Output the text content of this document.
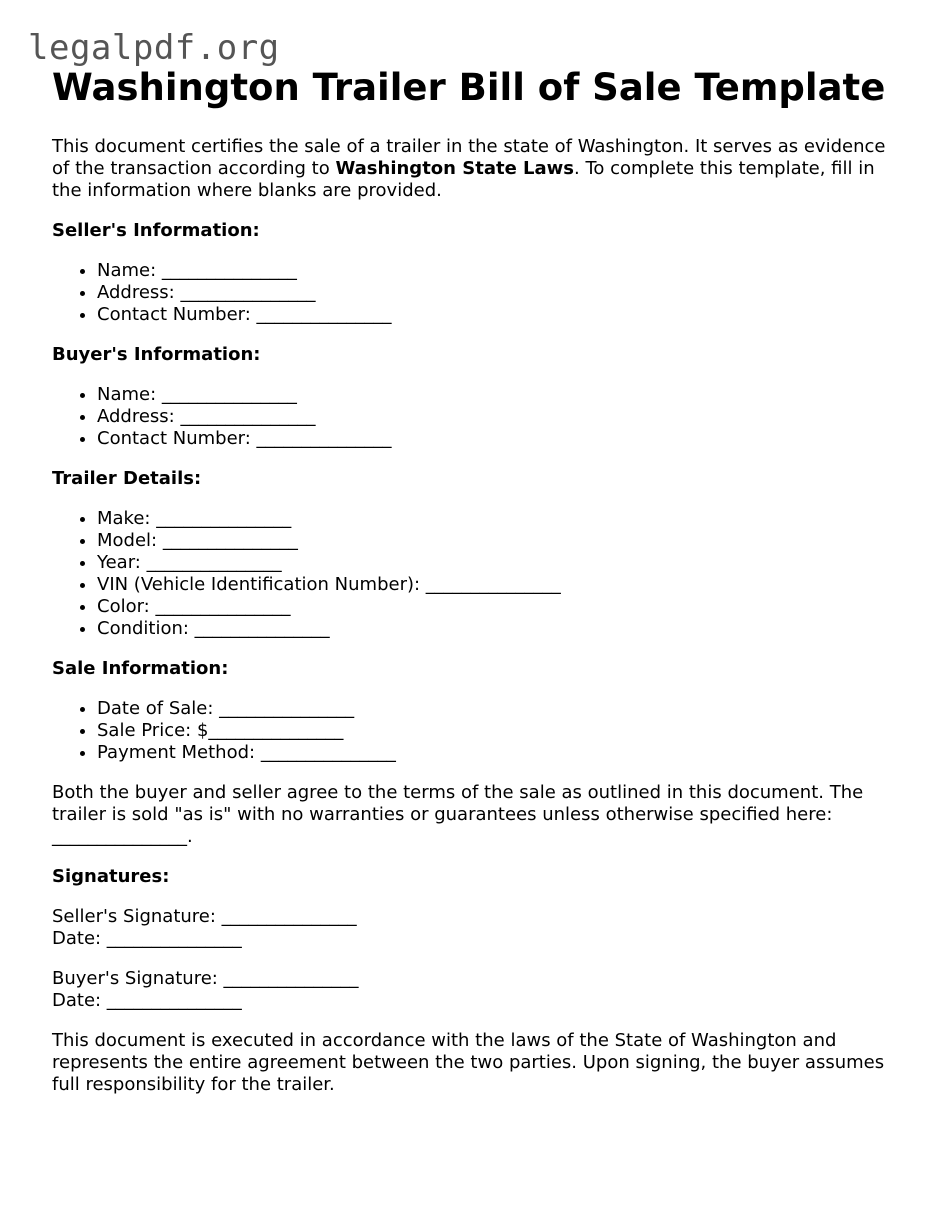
legalpdf.org
Washington Trailer Bill of Sale Template

This document certifies the sale of a trailer in the state of Washington. It serves as evidence of the transaction according to Washington State Laws. To complete this template, fill in the information where blanks are provided.

Seller's Information:
• Name: _______________
• Address: _______________
• Contact Number: _______________
Buyer's Information:
• Name: _______________
• Address: _______________
• Contact Number: _______________
Trailer Details:
• Make: _______________
• Model: _______________
• Year: _______________
• VIN (Vehicle Identification Number): _______________
• Color: _______________
• Condition: _______________
Sale Information:
• Date of Sale: _______________
• Sale Price: $_______________
• Payment Method: _______________

Both the buyer and seller agree to the terms of the sale as outlined in this document. The trailer is sold "as is" with no warranties or guarantees unless otherwise specified here: _______________.

Signatures:
Seller's Signature: _______________
Date: _______________
Buyer's Signature: _______________
Date: _______________

This document is executed in accordance with the laws of the State of Washington and represents the entire agreement between the two parties. Upon signing, the buyer assumes full responsibility for the trailer.
